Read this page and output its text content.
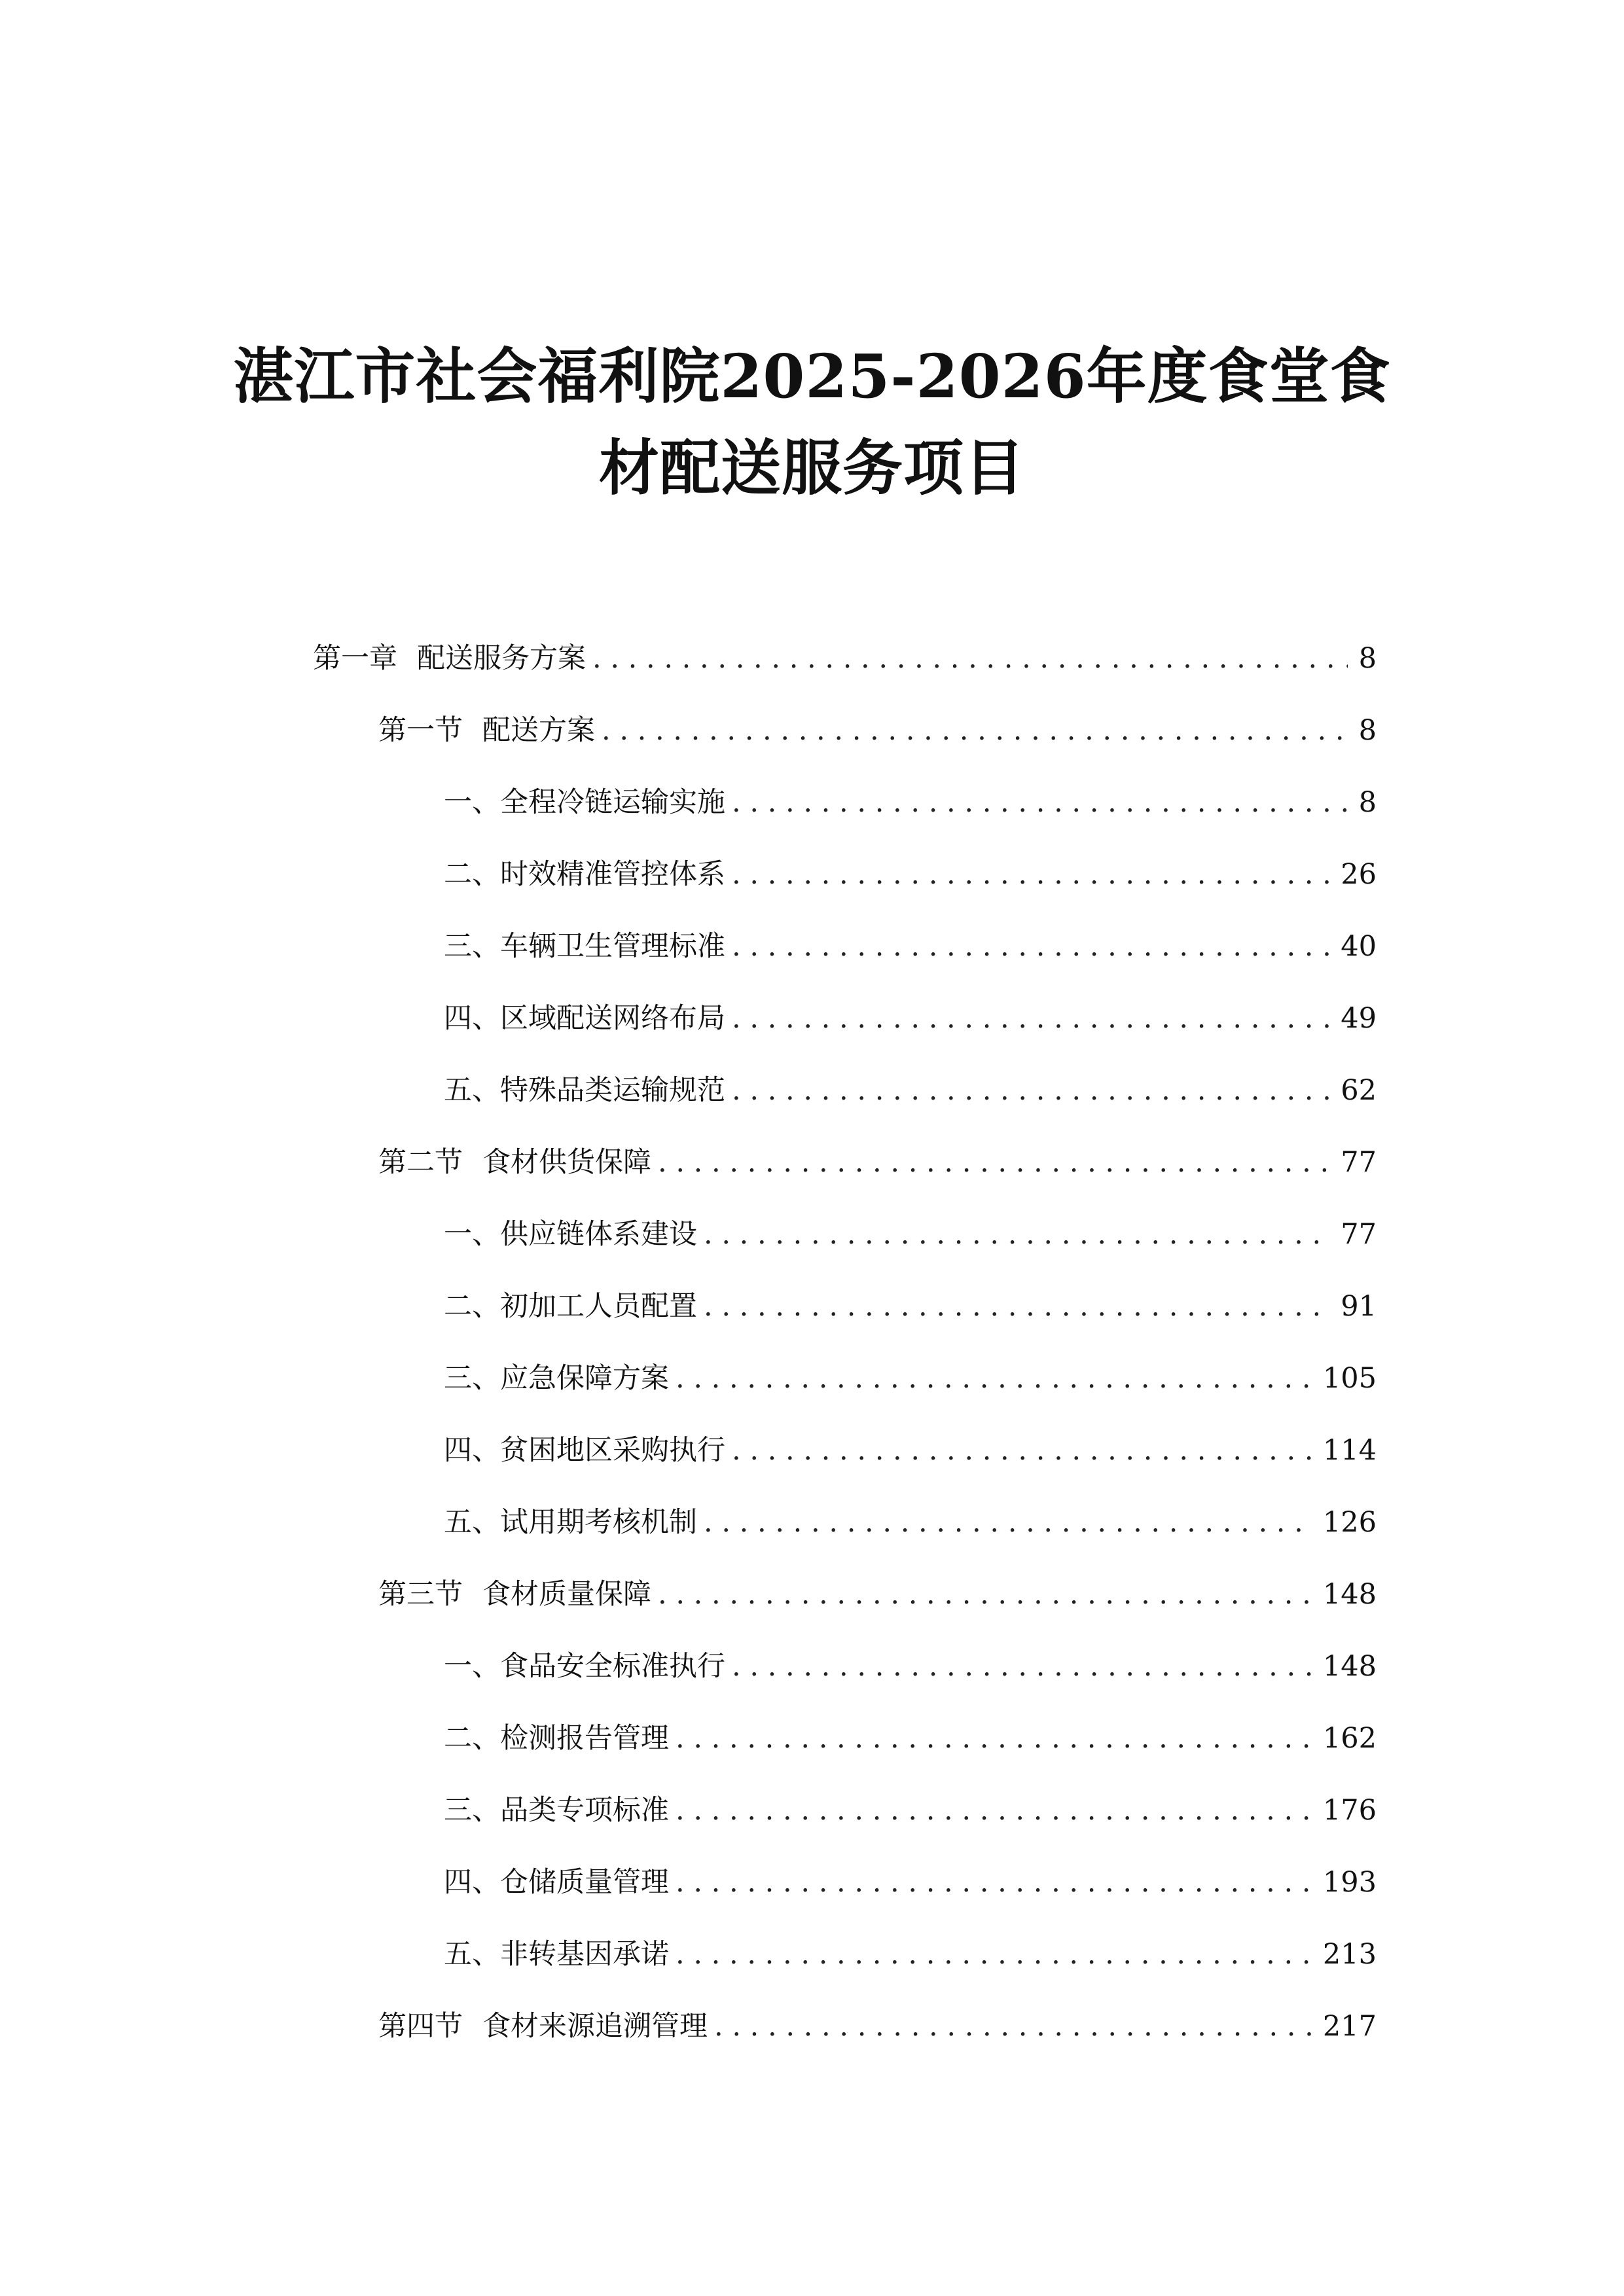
湛江市社会福利院2025-2026年度食堂食
材配送服务项目
第一章 配送服务方案 . . .	8
第一节 配送方案 . . .	8
一、 全程冷链运输实施 . . .	8
二、 时效精准管控体系 . . .	26
三、 车辆卫生管理标准 . . .	40
四、 区域配送网络布局 . . .	49
五、 特殊品类运输规范 . . .	62
第二节 食材供货保障 . . .	77
一、 供应链体系建设 . . .	77
二、 初加工人员配置 . . .	91
三、 应急保障方案 . . .	105
四、 贫困地区采购执行 . . .	114
五、 试用期考核机制 . . .	126
第三节 食材质量保障 . . .	148
一、 食品安全标准执行 . . .	148
二、 检测报告管理 . . .	162
三、 品类专项标准 . . .	176
四、 仓储质量管理 . . .	193
五、 非转基因承诺 . . .	213
第四节 食材来源追溯管理 . . .	217
